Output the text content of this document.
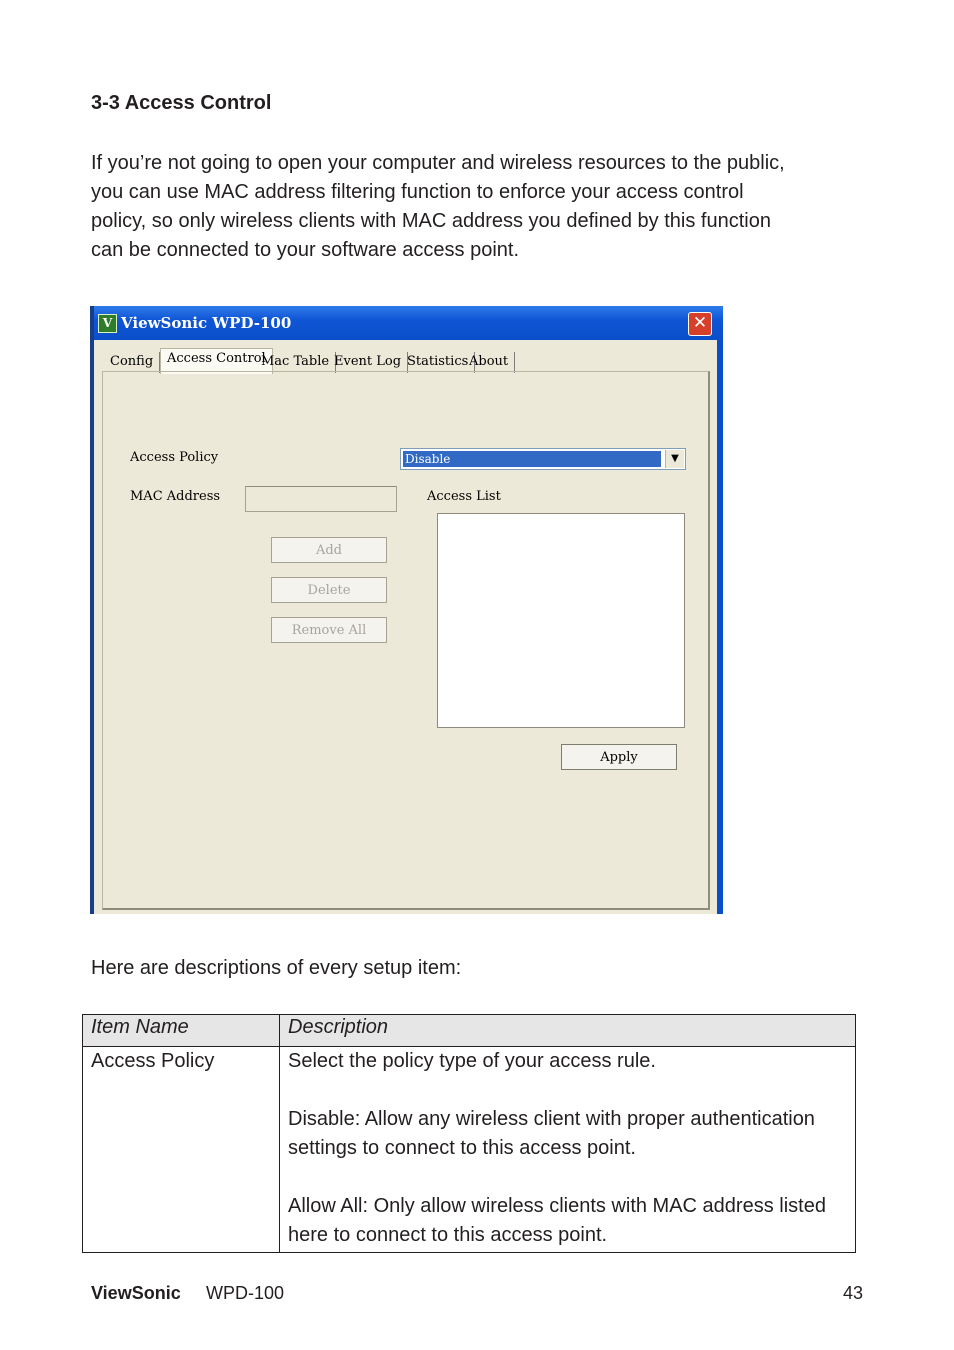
3-3 Access Control
If you’re not going to open your computer and wireless resources to the public,
you can use MAC address filtering function to enforce your access control
policy, so only wireless clients with MAC address you defined by this function
can be connected to your software access point.
V ViewSonic WPD-100	✕
Config	Access Control
Mac Table Event Log Statistics About
Access Policy	Disable	▼
MAC Address	Access List
Add
Delete
Remove All
Apply
Here are descriptions of every setup item:
Item Name	Description
Access Policy	Select the policy type of your access rule.

Disable: Allow any wireless client with proper authentication settings to connect to this access point.

Allow All: Only allow wireless clients with MAC address listed here to connect to this access point.

ViewSonic WPD-100	43
